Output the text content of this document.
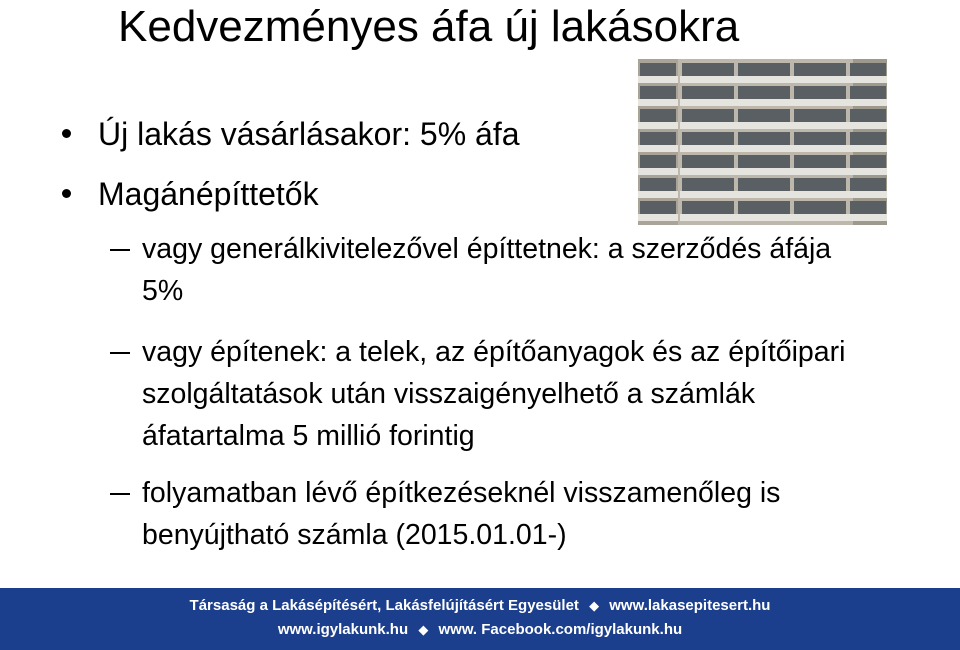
Kedvezményes áfa új lakásokra
Új lakás vásárlásakor: 5% áfa
Magánépíttetők
vagy generálkivitelezővel építtetnek: a szerződés áfája 5%
vagy építenek: a telek, az építőanyagok és az építőipari szolgáltatások után visszaigényelhető a számlák áfatartalma 5 millió forintig
folyamatban lévő építkezéseknél visszamenőleg is benyújtható számla (2015.01.01-)
Társaság a Lakásépítésért, Lakásfelújításért Egyesület ◆ www.lakasepitesert.hu
www.igylakunk.hu ◆ www. Facebook.com/igylakunk.hu
